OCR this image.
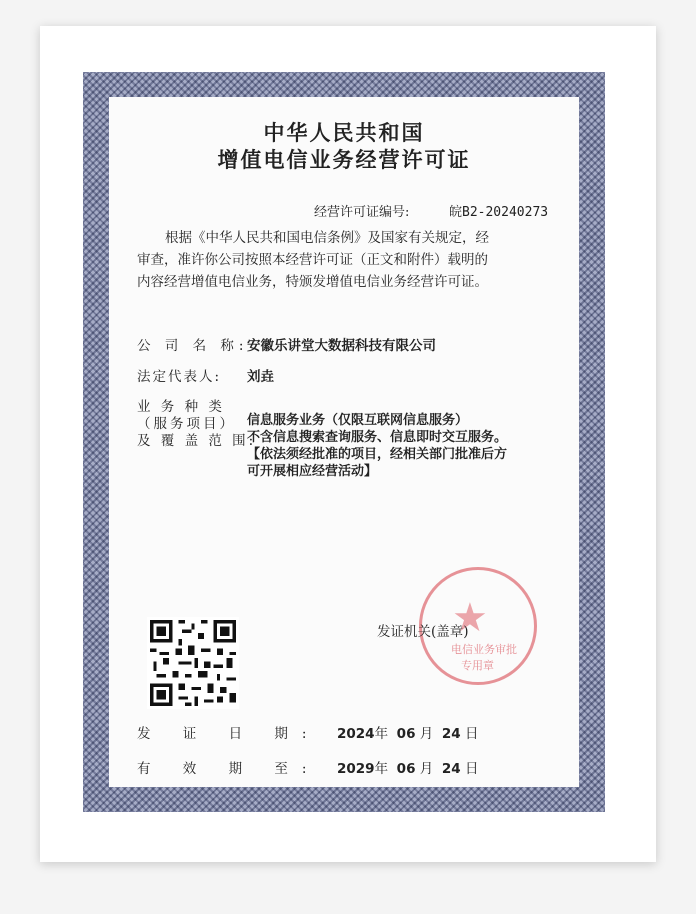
中华人民共和国
增值电信业务经营许可证
经营许可证编号:	皖B2-20240273
根据《中华人民共和国电信条例》及国家有关规定，经
审查，准许你公司按照本经营许可证（正文和附件）载明的
内容经营增值电信业务，特颁发增值电信业务经营许可证。
公 司 名 称:
安徽乐讲堂大数据科技有限公司
法定代表人: 刘垚
业 务 种 类
（服务项目）
及 覆 盖 范 围:
信息服务业务（仅限互联网信息服务）
不含信息搜索查询服务、信息即时交互服务。
【依法须经批准的项目，经相关部门批准后方
可开展相应经营活动】
★
电信业务审批
专用章
发证机关(盖章)
发 证 日 期: 2024年 06 月 24 日
有 效 期 至: 2029年 06 月 24 日
